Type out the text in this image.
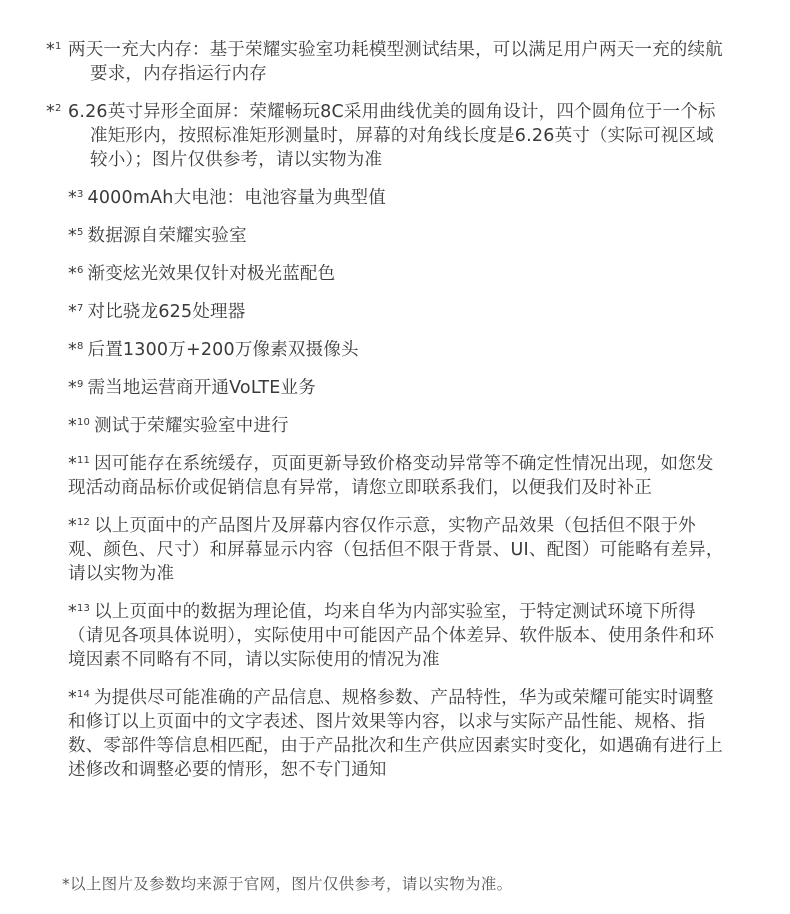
*$^1$ 两天一充大内存：基于荣耀实验室功耗模型测试结果，可以满足用户两天一充的续航要求，内存指运行内存

*$^2$ 6.26英寸异形全面屏：荣耀畅玩8C采用曲线优美的圆角设计，四个圆角位于一个标准矩形内，按照标准矩形测量时，屏幕的对角线长度是6.26英寸（实际可视区域较小）；图片仅供参考，请以实物为准

*$^3$ 4000mAh大电池：电池容量为典型值

*$^5$ 数据源自荣耀实验室

*$^6$ 渐变炫光效果仅针对极光蓝配色

*$^7$ 对比骁龙625处理器

*$^8$ 后置1300万+200万像素双摄像头

*$^9$ 需当地运营商开通VoLTE业务

*$^{10}$ 测试于荣耀实验室中进行

*$^{11}$ 因可能存在系统缓存，页面更新导致价格变动异常等不确定性情况出现，如您发现活动商品标价或促销信息有异常，请您立即联系我们，以便我们及时补正

*$^{12}$ 以上页面中的产品图片及屏幕内容仅作示意，实物产品效果（包括但不限于外观、颜色、尺寸）和屏幕显示内容（包括但不限于背景、UI、配图）可能略有差异，请以实物为准

*$^{13}$ 以上页面中的数据为理论值，均来自华为内部实验室，于特定测试环境下所得（请见各项具体说明），实际使用中可能因产品个体差异、软件版本、使用条件和环境因素不同略有不同，请以实际使用的情况为准

*$^{14}$ 为提供尽可能准确的产品信息、规格参数、产品特性，华为或荣耀可能实时调整和修订以上页面中的文字表述、图片效果等内容，以求与实际产品性能、规格、指数、零部件等信息相匹配，由于产品批次和生产供应因素实时变化，如遇确有进行上述修改和调整必要的情形，恕不专门通知

*以上图片及参数均来源于官网，图片仅供参考，请以实物为准。
